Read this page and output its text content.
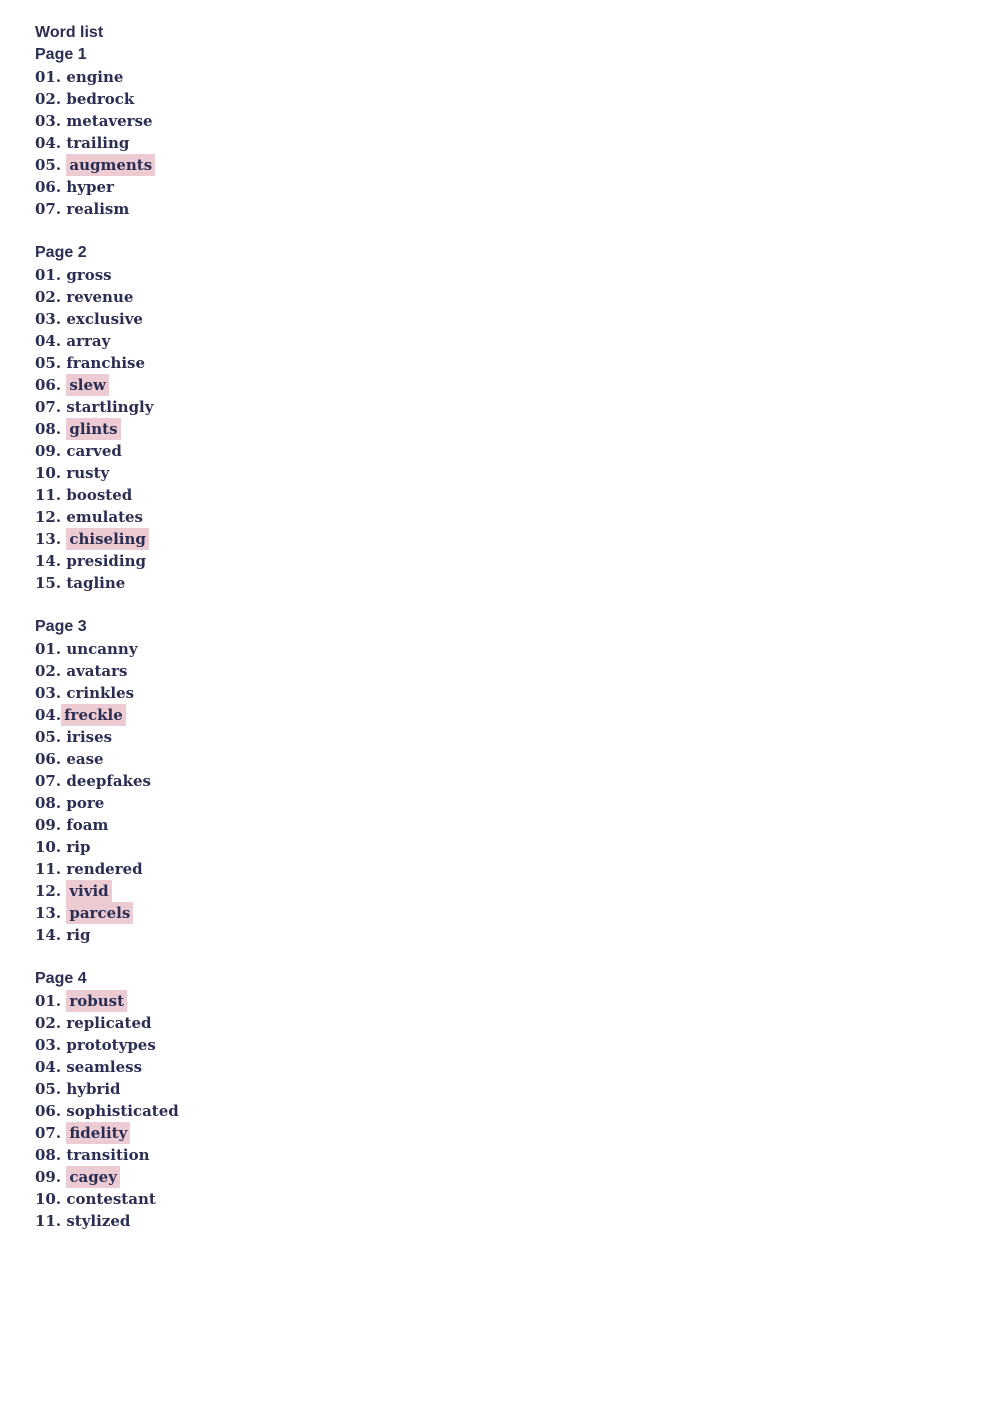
Word list
Page 1
01. engine
02. bedrock
03. metaverse
04. trailing
05. augments
06. hyper
07. realism
Page 2
01. gross
02. revenue
03. exclusive
04. array
05. franchise
06. slew
07. startlingly
08. glints
09. carved
10. rusty
11. boosted
12. emulates
13. chiseling
14. presiding
15. tagline
Page 3
01. uncanny
02. avatars
03. crinkles
04. freckle
05. irises
06. ease
07. deepfakes
08. pore
09. foam
10. rip
11. rendered
12. vivid
13. parcels
14. rig
Page 4
01. robust
02. replicated
03. prototypes
04. seamless
05. hybrid
06. sophisticated
07. fidelity
08. transition
09. cagey
10. contestant
11. stylized
